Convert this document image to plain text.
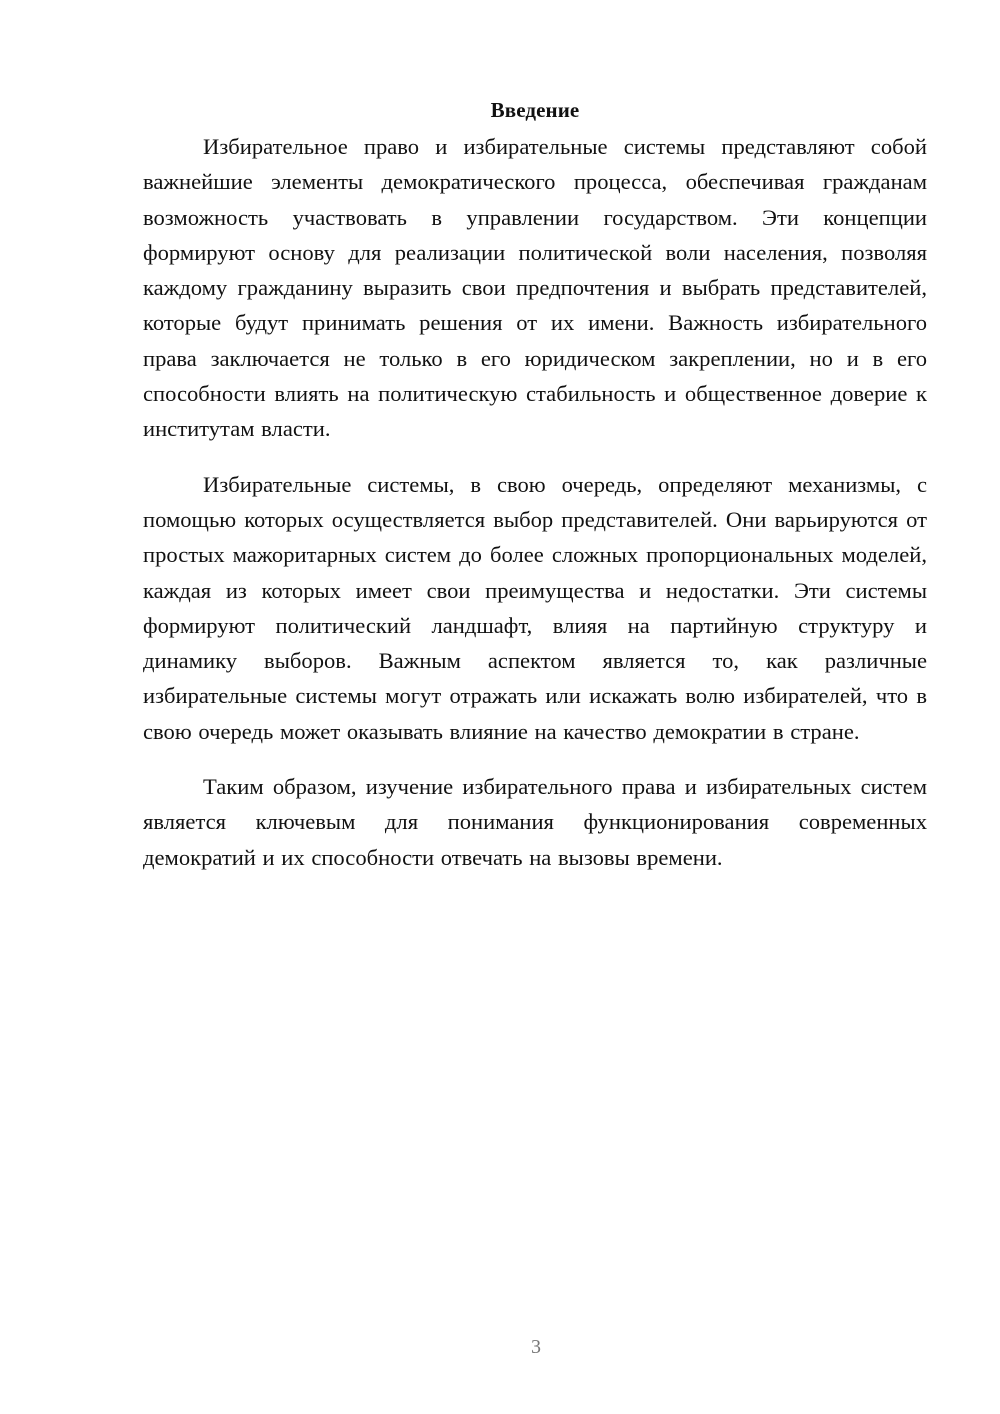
Введение

Избирательное право и избирательные системы представляют собой важнейшие элементы демократического процесса, обеспечивая гражданам возможность участвовать в управлении государством. Эти концепции формируют основу для реализации политической воли населения, позволяя каждому гражданину выразить свои предпочтения и выбрать представителей, которые будут принимать решения от их имени. Важность избирательного права заключается не только в его юридическом закреплении, но и в его способности влиять на политическую стабильность и общественное доверие к институтам власти.

Избирательные системы, в свою очередь, определяют механизмы, с помощью которых осуществляется выбор представителей. Они варьируются от простых мажоритарных систем до более сложных пропорциональных моделей, каждая из которых имеет свои преимущества и недостатки. Эти системы формируют политический ландшафт, влияя на партийную структуру и динамику выборов. Важным аспектом является то, как различные избирательные системы могут отражать или искажать волю избирателей, что в свою очередь может оказывать влияние на качество демократии в стране.

Таким образом, изучение избирательного права и избирательных систем является ключевым для понимания функционирования современных демократий и их способности отвечать на вызовы времени.

3
